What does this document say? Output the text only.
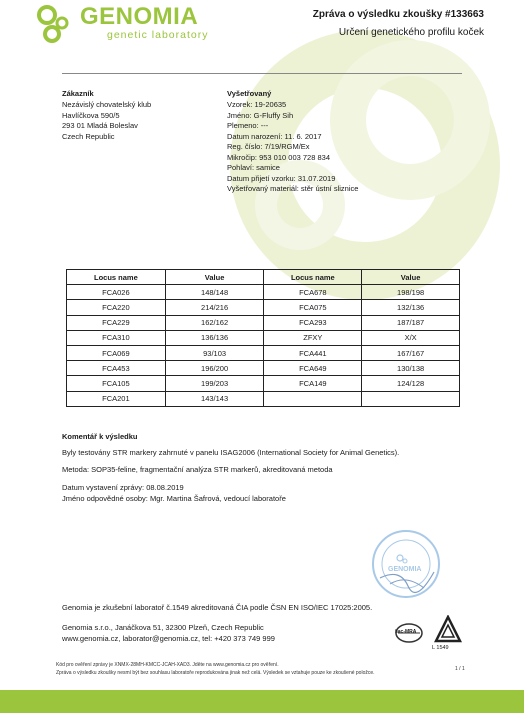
GENOMIA
genetic laboratory
Zpráva o výsledku zkoušky #133663
Určení genetického profilu koček
Zákazník
Nezávislý chovatelský klub
Havlíčkova 590/5
293 01 Mladá Boleslav
Czech Republic
Vyšetřovaný
Vzorek: 19-20635
Jméno: G-Fluffy Sih
Plemeno: ---
Datum narození: 11. 6. 2017
Reg. číslo: 7/19/RGM/Ex
Mikročip: 953 010 003 728 834
Pohlaví: samice
Datum přijetí vzorku: 31.07.2019
Vyšetřovaný materiál: stěr ústní sliznice
Locus name	Value	Locus name	Value
FCA026	148/148	FCA678	198/198
FCA220	214/216	FCA075	132/136
FCA229	162/162	FCA293	187/187
FCA310	136/136	ZFXY	X/X
FCA069	93/103	FCA441	167/167
FCA453	196/200	FCA649	130/138
FCA105	199/203	FCA149	124/128
FCA201	143/143		
Komentář k výsledku
Byly testovány STR markery zahrnuté v panelu ISAG2006 (International Society for Animal Genetics).
Metoda: SOP35-feline, fragmentační analýza STR markerů, akreditovaná metoda
Datum vystavení zprávy: 08.08.2019
Jméno odpovědné osoby: Mgr. Martina Šafrová, vedoucí laboratoře
GENOMIA
Genomia je zkušební laboratoř č.1549 akreditovaná ČIA podle ČSN EN ISO/IEC 17025:2005.
Genomia s.r.o., Janáčkova 51, 32300 Plzeň, Czech Republic
www.genomia.cz, laborator@genomia.cz, tel: +420 373 749 999
ilac-MRA
L 1549
Kód pro ověření zprávy je XNMX-28MH-KMCC-JCAH-XAD3. Jděte na www.genomia.cz pro ověření.
Zpráva o výsledku zkoušky nesmí být bez souhlasu laboratoře reprodukována jinak než celá. Výsledek se vztahuje pouze ke zkoušené položce.
1 / 1
